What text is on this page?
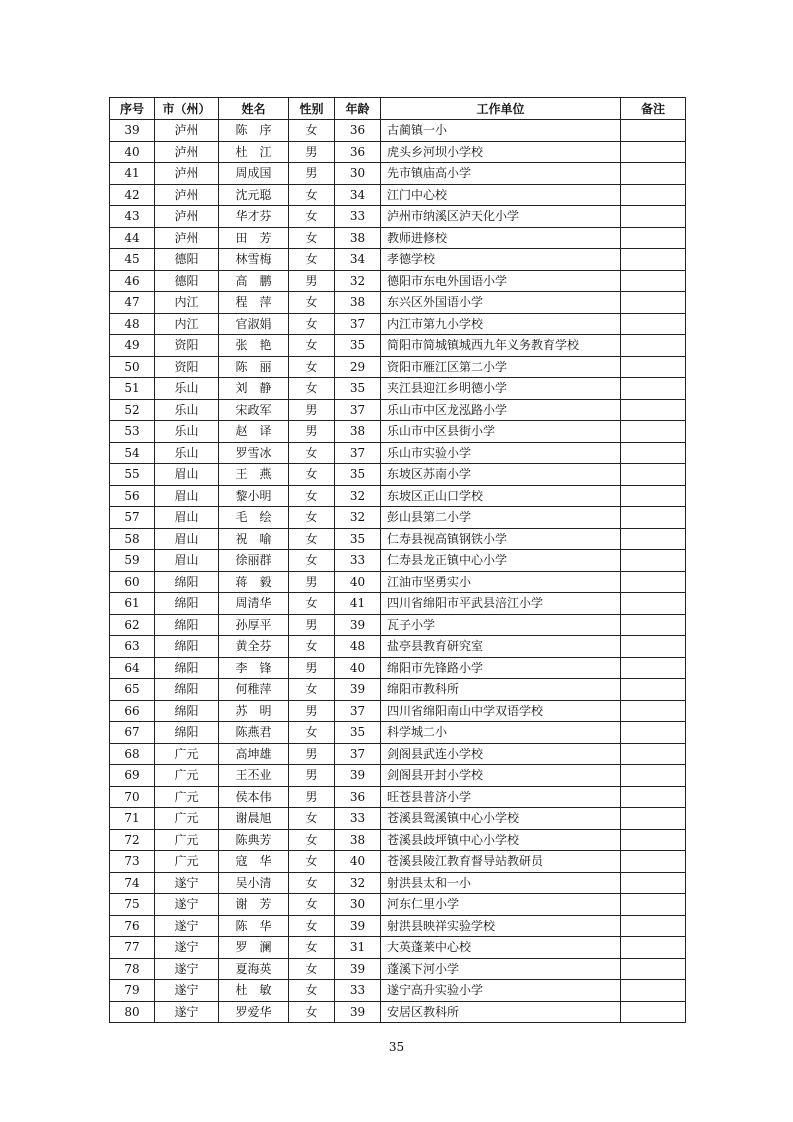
序号	市（州）	姓名	性别	年龄	工作单位	备注
39	泸州	陈　序	女	36	古蔺镇一小	
40	泸州	杜　江	男	36	虎头乡河坝小学校	
41	泸州	周成国	男	30	先市镇庙高小学	
42	泸州	沈元聪	女	34	江门中心校	
43	泸州	华才芬	女	33	泸州市纳溪区泸天化小学	
44	泸州	田　芳	女	38	教师进修校	
45	德阳	林雪梅	女	34	孝德学校	
46	德阳	高　鹏	男	32	德阳市东电外国语小学	
47	内江	程　萍	女	38	东兴区外国语小学	
48	内江	官淑娟	女	37	内江市第九小学校	
49	资阳	张　艳	女	35	简阳市简城镇城西九年义务教育学校	
50	资阳	陈　丽	女	29	资阳市雁江区第二小学	
51	乐山	刘　静	女	35	夹江县迎江乡明德小学	
52	乐山	宋政军	男	37	乐山市中区龙泓路小学	
53	乐山	赵　译	男	38	乐山市中区县街小学	
54	乐山	罗雪冰	女	37	乐山市实验小学	
55	眉山	王　燕	女	35	东坡区苏南小学	
56	眉山	黎小明	女	32	东坡区正山口学校	
57	眉山	毛　绘	女	32	彭山县第二小学	
58	眉山	祝　喻	女	35	仁寿县视高镇钢铁小学	
59	眉山	徐丽群	女	33	仁寿县龙正镇中心小学	
60	绵阳	蒋　毅	男	40	江油市坚勇实小	
61	绵阳	周清华	女	41	四川省绵阳市平武县涪江小学	
62	绵阳	孙厚平	男	39	瓦子小学	
63	绵阳	黄全芬	女	48	盐亭县教育研究室	
64	绵阳	李　锋	男	40	绵阳市先锋路小学	
65	绵阳	何稚萍	女	39	绵阳市教科所	
66	绵阳	苏　明	男	37	四川省绵阳南山中学双语学校	
67	绵阳	陈燕君	女	35	科学城二小	
68	广元	高坤雄	男	37	剑阁县武连小学校	
69	广元	王丕业	男	39	剑阁县开封小学校	
70	广元	侯本伟	男	36	旺苍县普济小学	
71	广元	谢晨旭	女	33	苍溪县鸳溪镇中心小学校	
72	广元	陈典芳	女	38	苍溪县歧坪镇中心小学校	
73	广元	寇　华	女	40	苍溪县陵江教育督导站教研员	
74	遂宁	吴小清	女	32	射洪县太和一小	
75	遂宁	谢　芳	女	30	河东仁里小学	
76	遂宁	陈　华	女	39	射洪县映祥实验学校	
77	遂宁	罗　澜	女	31	大英蓬莱中心校	
78	遂宁	夏海英	女	39	蓬溪下河小学	
79	遂宁	杜　敏	女	33	遂宁高升实验小学	
80	遂宁	罗爱华	女	39	安居区教科所	
35
